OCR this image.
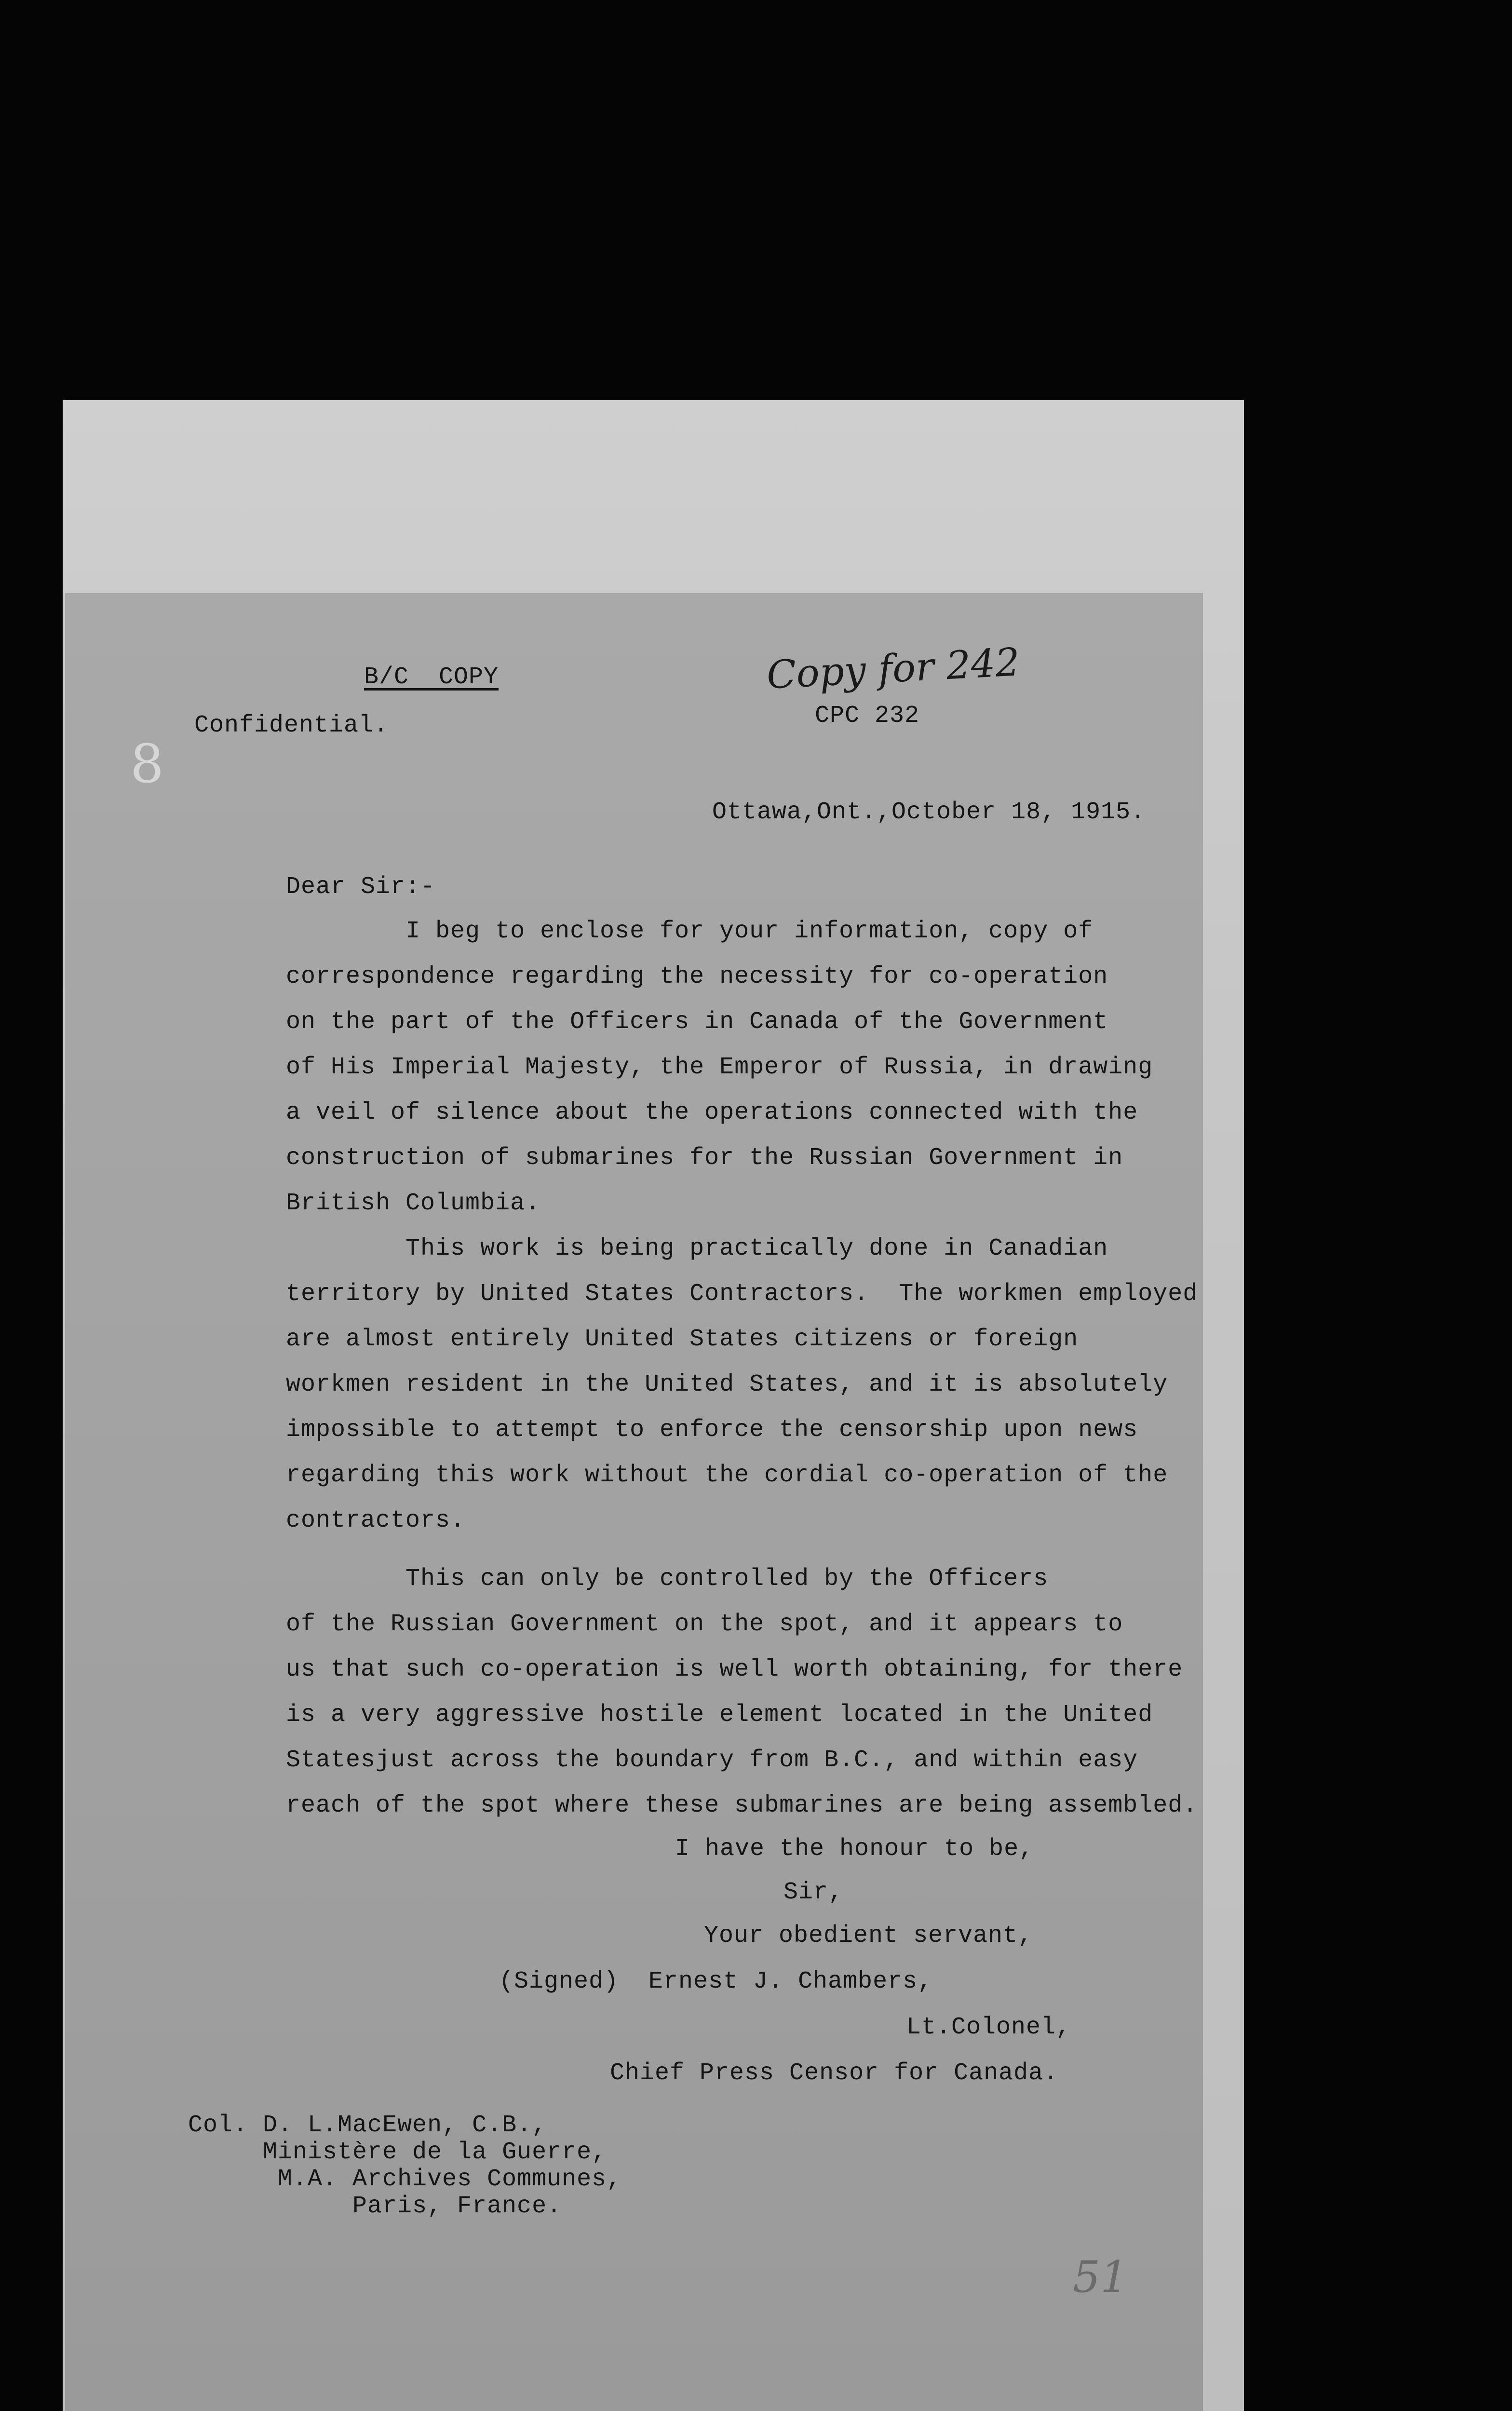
B/C  COPY	Copy for 242
CPC 232
Confidential.
8
Ottawa,Ont.,October 18, 1915.
Dear Sir:-
I beg to enclose for your information, copy of
correspondence regarding the necessity for co-operation
on the part of the Officers in Canada of the Government
of His Imperial Majesty, the Emperor of Russia, in drawing
a veil of silence about the operations connected with the
construction of submarines for the Russian Government in
British Columbia.
This work is being practically done in Canadian
territory by United States Contractors.  The workmen employed
are almost entirely United States citizens or foreign
workmen resident in the United States, and it is absolutely
impossible to attempt to enforce the censorship upon news
regarding this work without the cordial co-operation of the
contractors.
This can only be controlled by the Officers
of the Russian Government on the spot, and it appears to
us that such co-operation is well worth obtaining, for there
is a very aggressive hostile element located in the United
Statesjust across the boundary from B.C., and within easy
reach of the spot where these submarines are being assembled.
I have the honour to be,
Sir,
Your obedient servant,
(Signed)  Ernest J. Chambers,
Lt.Colonel,
Chief Press Censor for Canada.
Col. D. L.MacEwen, C.B.,
Ministère de la Guerre,
M.A. Archives Communes,
Paris, France.
51
